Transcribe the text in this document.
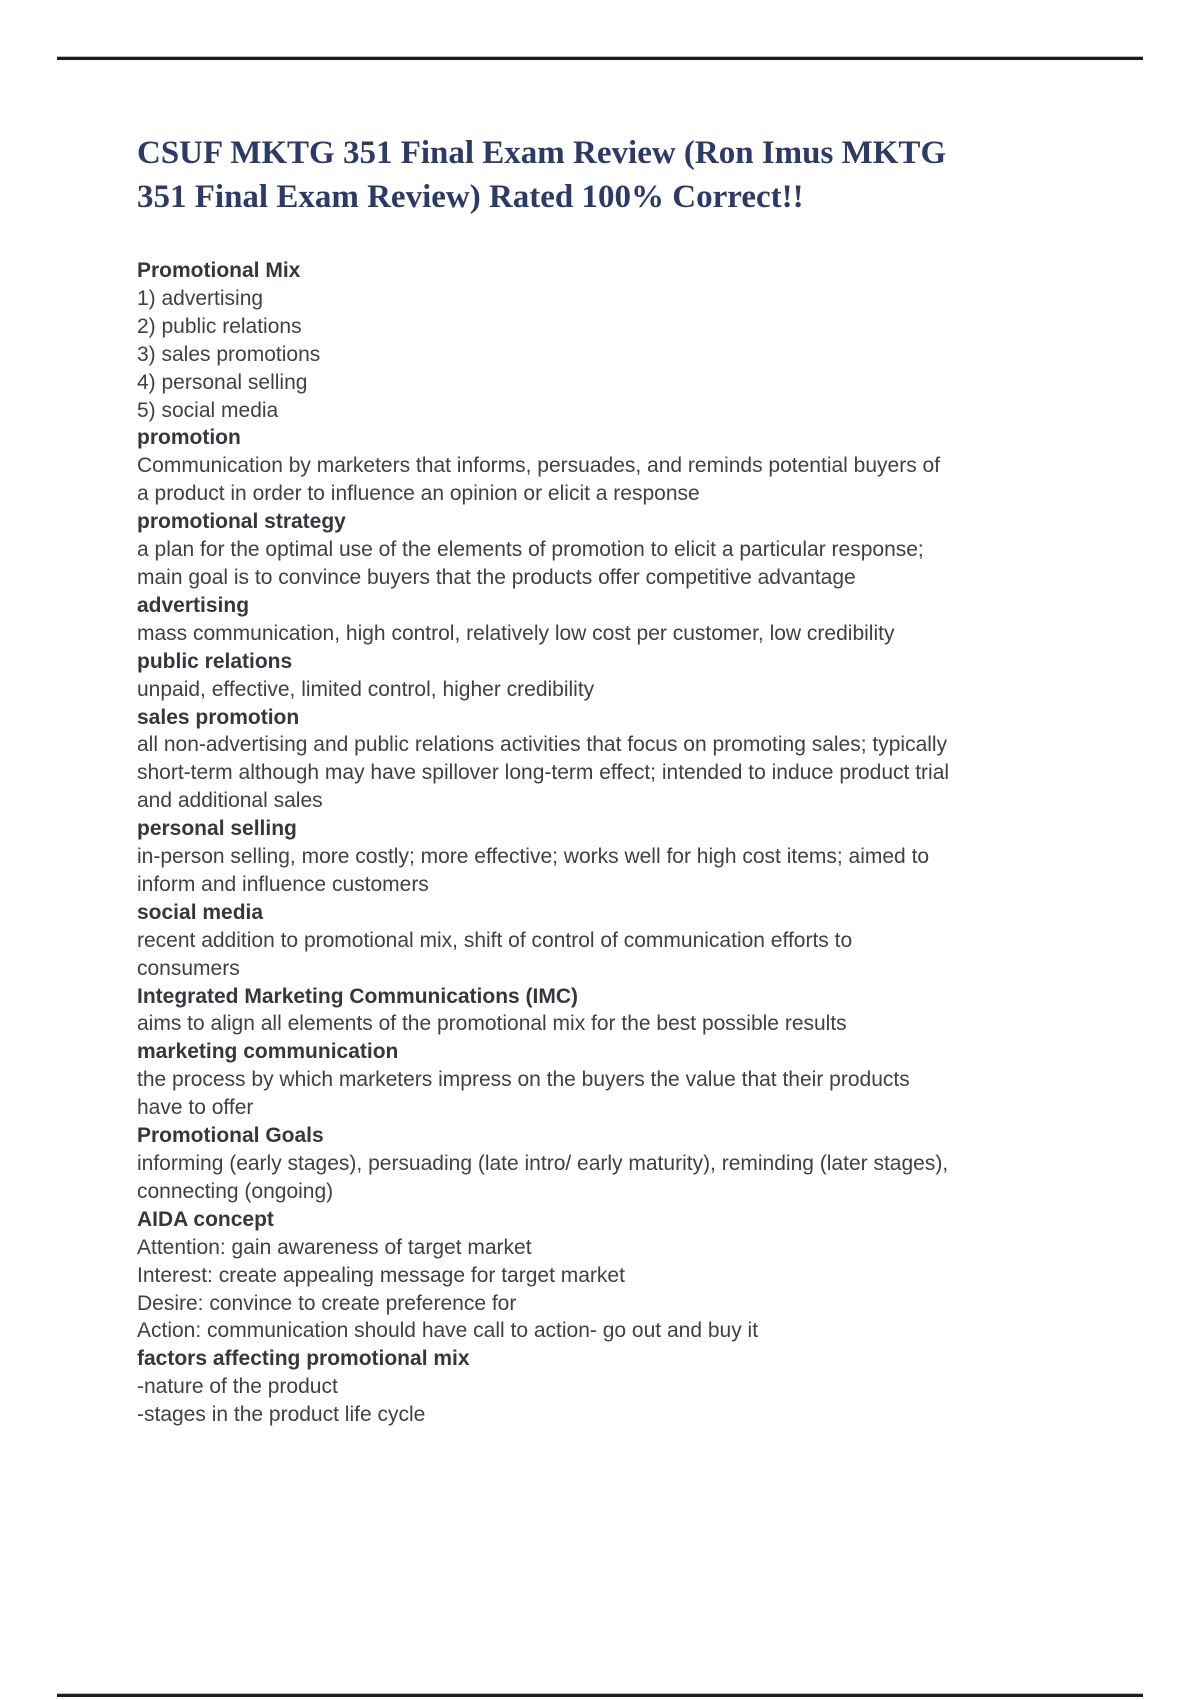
CSUF MKTG 351 Final Exam Review (Ron Imus MKTG
351 Final Exam Review) Rated 100% Correct!!
Promotional Mix
1) advertising
2) public relations
3) sales promotions
4) personal selling
5) social media
promotion
Communication by marketers that informs, persuades, and reminds potential buyers of
a product in order to influence an opinion or elicit a response
promotional strategy
a plan for the optimal use of the elements of promotion to elicit a particular response;
main goal is to convince buyers that the products offer competitive advantage
advertising
mass communication, high control, relatively low cost per customer, low credibility
public relations
unpaid, effective, limited control, higher credibility
sales promotion
all non-advertising and public relations activities that focus on promoting sales; typically
short-term although may have spillover long-term effect; intended to induce product trial
and additional sales
personal selling
in-person selling, more costly; more effective; works well for high cost items; aimed to
inform and influence customers
social media
recent addition to promotional mix, shift of control of communication efforts to
consumers
Integrated Marketing Communications (IMC)
aims to align all elements of the promotional mix for the best possible results
marketing communication
the process by which marketers impress on the buyers the value that their products
have to offer
Promotional Goals
informing (early stages), persuading (late intro/ early maturity), reminding (later stages),
connecting (ongoing)
AIDA concept
Attention: gain awareness of target market
Interest: create appealing message for target market
Desire: convince to create preference for
Action: communication should have call to action- go out and buy it
factors affecting promotional mix
-nature of the product
-stages in the product life cycle
